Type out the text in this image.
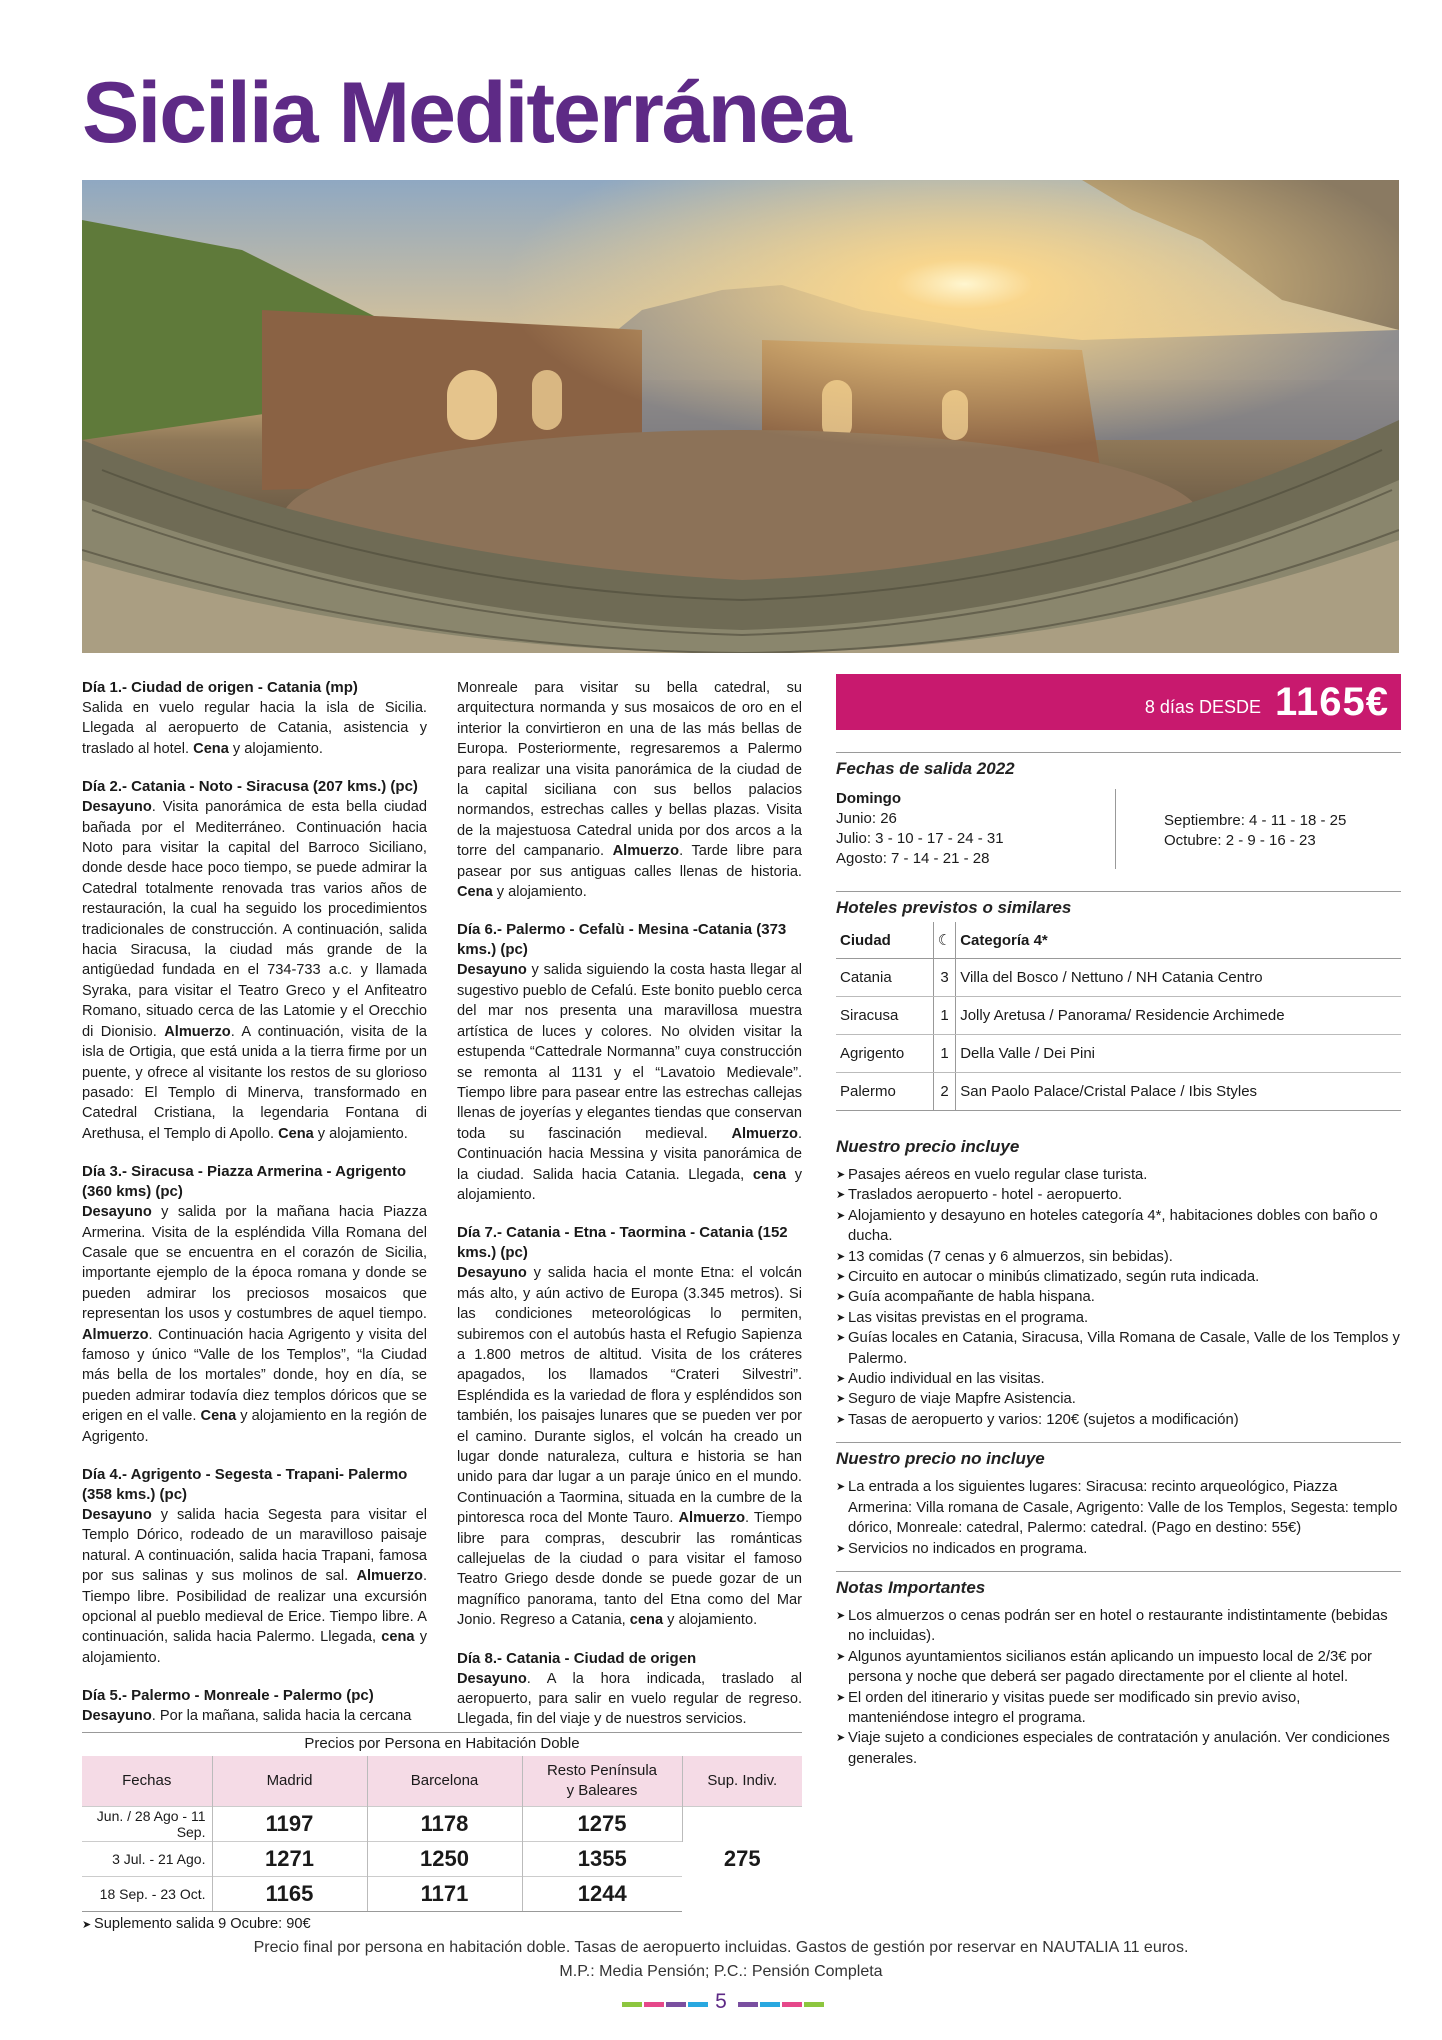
Sicilia Mediterránea
Día 1.- Ciudad de origen - Catania (mp)
Salida en vuelo regular hacia la isla de Sicilia. Llegada al aeropuerto de Catania, asistencia y traslado al hotel. Cena y alojamiento.
Día 2.- Catania - Noto - Siracusa (207 kms.) (pc)
Desayuno. Visita panorámica de esta bella ciudad bañada por el Mediterráneo. Continuación hacia Noto para visitar la capital del Barroco Siciliano, donde desde hace poco tiempo, se puede admirar la Catedral totalmente renovada tras varios años de restauración, la cual ha seguido los procedimientos tradicionales de construcción. A continuación, salida hacia Siracusa, la ciudad más grande de la antigüedad fundada en el 734-733 a.c. y llamada Syraka, para visitar el Teatro Greco y el Anfiteatro Romano, situado cerca de las Latomie y el Orecchio di Dionisio. Almuerzo. A continuación, visita de la isla de Ortigia, que está unida a la tierra firme por un puente, y ofrece al visitante los restos de su glorioso pasado: El Templo di Minerva, transformado en Catedral Cristiana, la legendaria Fontana di Arethusa, el Templo di Apollo. Cena y alojamiento.
Día 3.- Siracusa - Piazza Armerina - Agrigento (360 kms) (pc)
Desayuno y salida por la mañana hacia Piazza Armerina. Visita de la espléndida Villa Romana del Casale que se encuentra en el corazón de Sicilia, importante ejemplo de la época romana y donde se pueden admirar los preciosos mosaicos que representan los usos y costumbres de aquel tiempo. Almuerzo. Continuación hacia Agrigento y visita del famoso y único “Valle de los Templos”, “la Ciudad más bella de los mortales” donde, hoy en día, se pueden admirar todavía diez templos dóricos que se erigen en el valle. Cena y alojamiento en la región de Agrigento.
Día 4.- Agrigento - Segesta - Trapani- Palermo (358 kms.) (pc)
Desayuno y salida hacia Segesta para visitar el Templo Dórico, rodeado de un maravilloso paisaje natural. A continuación, salida hacia Trapani, famosa por sus salinas y sus molinos de sal. Almuerzo. Tiempo libre. Posibilidad de realizar una excursión opcional al pueblo medieval de Erice. Tiempo libre. A continuación, salida hacia Palermo. Llegada, cena y alojamiento.
Día 5.- Palermo - Monreale - Palermo (pc)
Desayuno. Por la mañana, salida hacia la cercana
Monreale para visitar su bella catedral, su arquitectura normanda y sus mosaicos de oro en el interior la convirtieron en una de las más bellas de Europa. Posteriormente, regresaremos a Palermo para realizar una visita panorámica de la ciudad de la capital siciliana con sus bellos palacios normandos, estrechas calles y bellas plazas. Visita de la majestuosa Catedral unida por dos arcos a la torre del campanario. Almuerzo. Tarde libre para pasear por sus antiguas calles llenas de historia. Cena y alojamiento.
Día 6.- Palermo - Cefalù - Mesina -Catania (373 kms.) (pc)
Desayuno y salida siguiendo la costa hasta llegar al sugestivo pueblo de Cefalú. Este bonito pueblo cerca del mar nos presenta una maravillosa muestra artística de luces y colores. No olviden visitar la estupenda “Cattedrale Normanna” cuya construcción se remonta al 1131 y el “Lavatoio Medievale”. Tiempo libre para pasear entre las estrechas callejas llenas de joyerías y elegantes tiendas que conservan toda su fascinación medieval. Almuerzo. Continuación hacia Messina y visita panorámica de la ciudad. Salida hacia Catania. Llegada, cena y alojamiento.
Día 7.- Catania - Etna - Taormina - Catania (152 kms.) (pc)
Desayuno y salida hacia el monte Etna: el volcán más alto, y aún activo de Europa (3.345 metros). Si las condiciones meteorológicas lo permiten, subiremos con el autobús hasta el Refugio Sapienza a 1.800 metros de altitud. Visita de los cráteres apagados, los llamados “Crateri Silvestri”. Espléndida es la variedad de flora y espléndidos son también, los paisajes lunares que se pueden ver por el camino. Durante siglos, el volcán ha creado un lugar donde naturaleza, cultura e historia se han unido para dar lugar a un paraje único en el mundo. Continuación a Taormina, situada en la cumbre de la pintoresca roca del Monte Tauro. Almuerzo. Tiempo libre para compras, descubrir las románticas callejuelas de la ciudad o para visitar el famoso Teatro Griego desde donde se puede gozar de un magnífico panorama, tanto del Etna como del Mar Jonio. Regreso a Catania, cena y alojamiento.
Día 8.- Catania - Ciudad de origen
Desayuno. A la hora indicada, traslado al aeropuerto, para salir en vuelo regular de regreso. Llegada, fin del viaje y de nuestros servicios.
8 días DESDE 1165€
Fechas de salida 2022
Domingo
Junio: 26
Julio: 3 - 10 - 17 - 24 - 31
Agosto: 7 - 14 - 21 - 28
Septiembre: 4 - 11 - 18 - 25
Octubre: 2 - 9 - 16 - 23
Hoteles previstos o similares
Ciudad	☾	Categoría 4*
Catania	3	Villa del Bosco / Nettuno / NH Catania Centro
Siracusa	1	Jolly Aretusa / Panorama/ Residencie Archimede
Agrigento	1	Della Valle / Dei Pini
Palermo	2	San Paolo Palace/Cristal Palace / Ibis Styles
Nuestro precio incluye
➤ Pasajes aéreos en vuelo regular clase turista.
➤ Traslados aeropuerto - hotel - aeropuerto.
➤ Alojamiento y desayuno en hoteles categoría 4*, habitaciones dobles con baño o ducha.
➤ 13 comidas (7 cenas y 6 almuerzos, sin bebidas).
➤ Circuito en autocar o minibús climatizado, según ruta indicada.
➤ Guía acompañante de habla hispana.
➤ Las visitas previstas en el programa.
➤ Guías locales en Catania, Siracusa, Villa Romana de Casale, Valle de los Templos y Palermo.
➤ Audio individual en las visitas.
➤ Seguro de viaje Mapfre Asistencia.
➤ Tasas de aeropuerto y varios: 120€ (sujetos a modificación)
Nuestro precio no incluye
➤ La entrada a los siguientes lugares: Siracusa: recinto arqueológico, Piazza Armerina: Villa romana de Casale, Agrigento: Valle de los Templos, Segesta: templo dórico, Monreale: catedral, Palermo: catedral. (Pago en destino: 55€)
➤ Servicios no indicados en programa.
Notas Importantes
➤ Los almuerzos o cenas podrán ser en hotel o restaurante indistintamente (bebidas no incluidas).
➤ Algunos ayuntamientos sicilianos están aplicando un impuesto local de 2/3€ por persona y noche que deberá ser pagado directamente por el cliente al hotel.
➤ El orden del itinerario y visitas puede ser modificado sin previo aviso, manteniéndose integro el programa.
➤ Viaje sujeto a condiciones especiales de contratación y anulación. Ver condiciones generales.
Precios por Persona en Habitación Doble
Fechas	Madrid	Barcelona	Resto Península y Baleares	Sup. Indiv.
Jun. / 28 Ago - 11 Sep.	1197	1178	1275	275
3 Jul. - 21 Ago.	1271	1250	1355	
18 Sep. - 23 Oct.	1165	1171	1244	
➤ Suplemento salida 9 Ocubre: 90€
Precio final por persona en habitación doble. Tasas de aeropuerto incluidas. Gastos de gestión por reservar en NAUTALIA 11 euros.
M.P.: Media Pensión; P.C.: Pensión Completa
5
